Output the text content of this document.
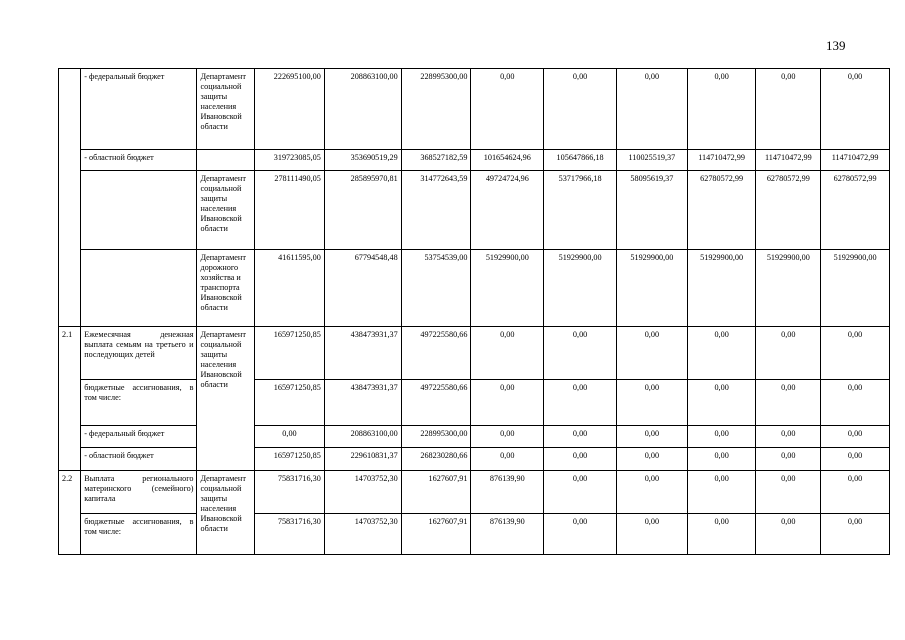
139
	- федеральный бюджет	Департамент социальной защиты населения Ивановской области	222695100,00	208863100,00	228995300,00	0,00	0,00	0,00	0,00	0,00	0,00
	- областной бюджет		319723085,05	353690519,29	368527182,59	101654624,96	105647866,18	110025519,37	114710472,99	114710472,99	114710472,99
		Департамент социальной защиты населения Ивановской области	278111490,05	285895970,81	314772643,59	49724724,96	53717966,18	58095619,37	62780572,99	62780572,99	62780572,99
		Департамент дорожного хозяйства и транспорта Ивановской области	41611595,00	67794548,48	53754539,00	51929900,00	51929900,00	51929900,00	51929900,00	51929900,00	51929900,00
2.1	Ежемесячная денежная выплата семьям на третьего и последующих детей	Департамент социальной защиты населения Ивановской области	165971250,85	438473931,37	497225580,66	0,00	0,00	0,00	0,00	0,00	0,00
	бюджетные ассигнования, в том числе:		165971250,85	438473931,37	497225580,66	0,00	0,00	0,00	0,00	0,00	0,00
	- федеральный бюджет		0,00	208863100,00	228995300,00	0,00	0,00	0,00	0,00	0,00	0,00
	- областной бюджет		165971250,85	229610831,37	268230280,66	0,00	0,00	0,00	0,00	0,00	0,00
2.2	Выплата регионального материнского (семейного) капитала	Департамент социальной защиты населения Ивановской области	75831716,30	14703752,30	1627607,91	876139,90	0,00	0,00	0,00	0,00	0,00
	бюджетные ассигнования, в том числе:		75831716,30	14703752,30	1627607,91	876139,90	0,00	0,00	0,00	0,00	0,00
